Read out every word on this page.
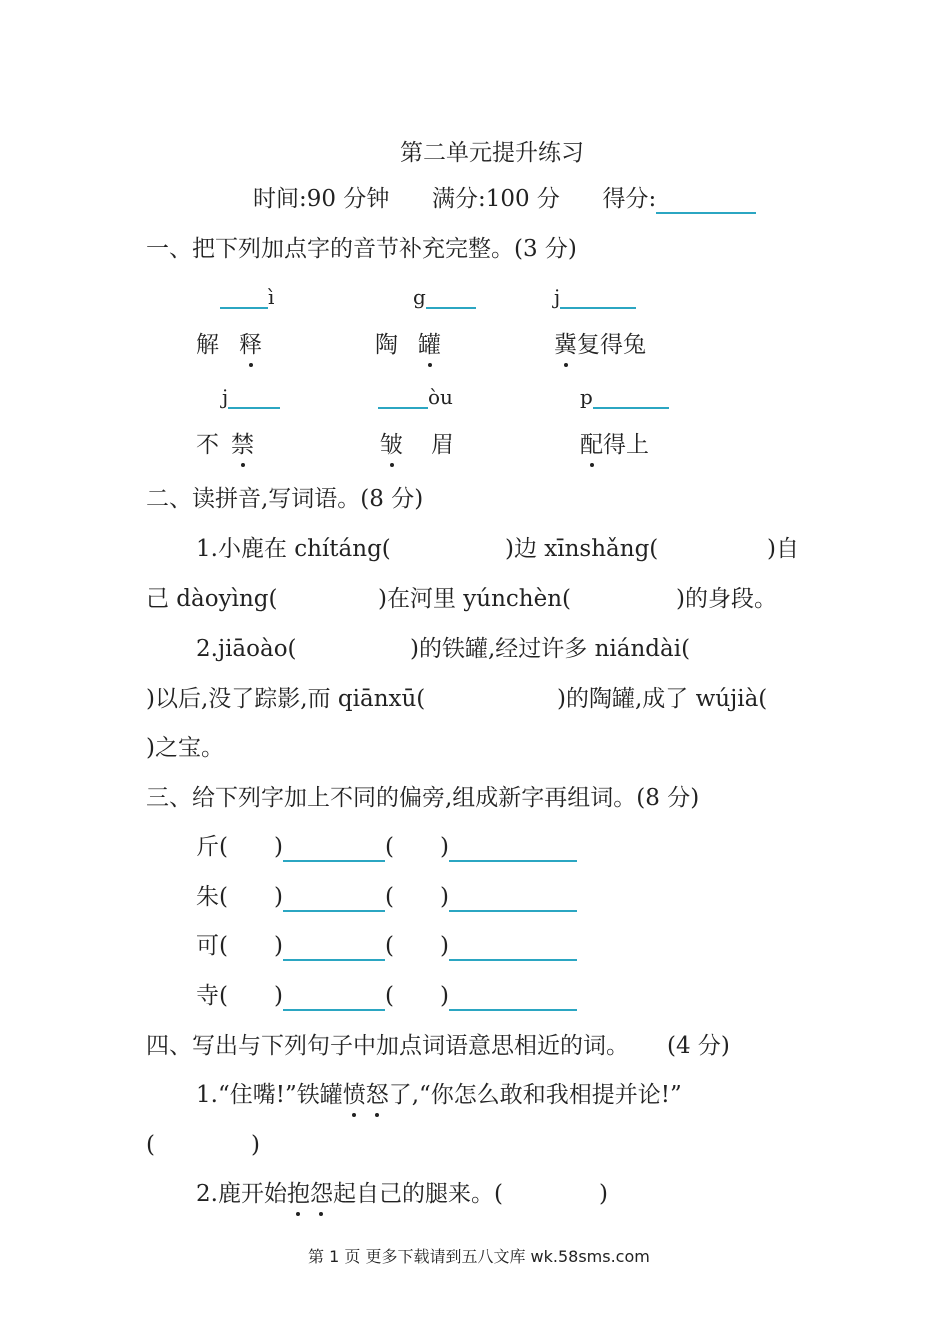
第二单元提升练习
时间:90 分钟 满分:100 分 得分:
一、把下列加点字的音节补充完整。(3 分)
ì	g	j
解 释	陶 罐	冀复得兔
j	òu	p
不 禁	皱 眉	配得上
二、读拼音,写词语。(8 分)
1.小鹿在 chítáng(	)边 xīnshǎng(	)自
己 dàoyìng(	)在河里 yúnchèn(	)的身段。
2.jiāoào(	)的铁罐,经过许多 niándài(
)以后,没了踪影,而 qiānxū(	)的陶罐,成了 wújià(
)之宝。
三、给下列字加上不同的偏旁,组成新字再组词。(8 分)
斤( )	( )
朱( )	( )
可( )	( )
寺( )	( )
四、写出与下列句子中加点词语意思相近的词。 (4 分)
1.“住嘴!”铁罐愤怒了,“你怎么敢和我相提并论!”
(	)
2.鹿开始抱怨起自己的腿来。(	)
第 1 页 更多下载请到五八文库 wk.58sms.com
